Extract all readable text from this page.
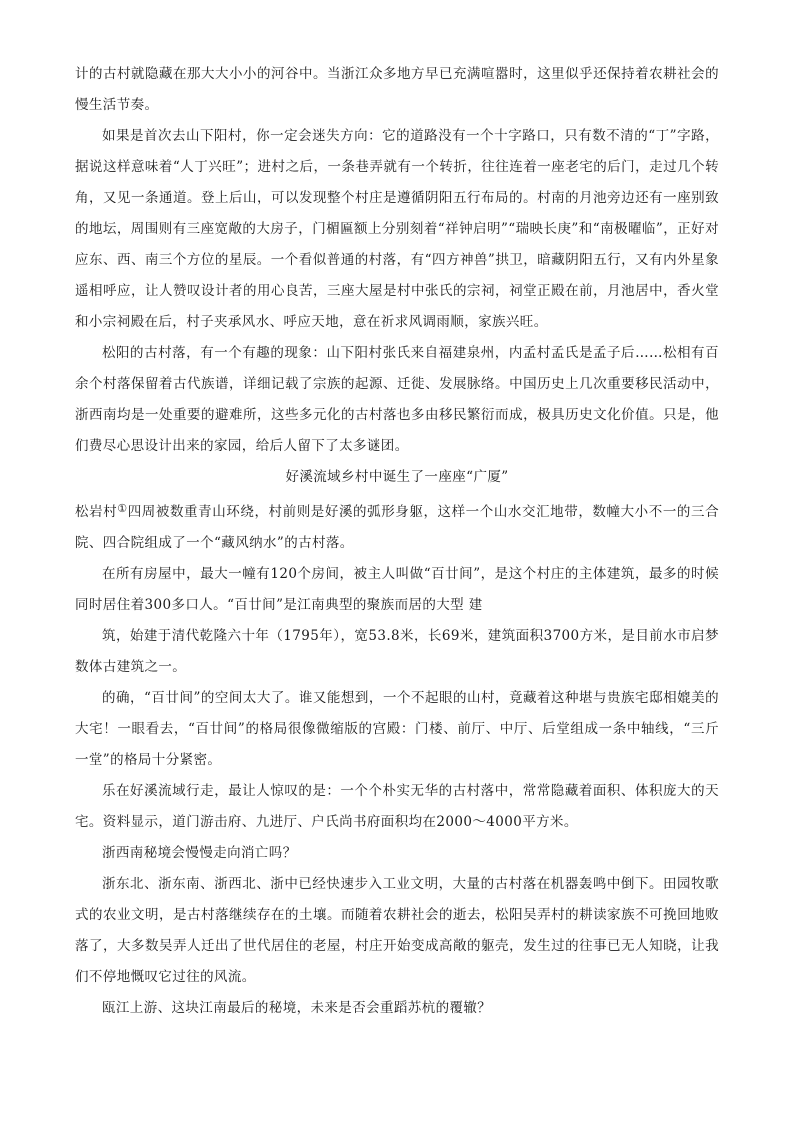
计的古村就隐藏在那大大小小的河谷中。当浙江众多地方早已充满喧嚣时，这里似乎还保持着农耕社会的慢生活节奏。

如果是首次去山下阳村，你一定会迷失方向：它的道路没有一个十字路口，只有数不清的“丁”字路，据说这样意味着“人丁兴旺”；进村之后，一条巷弄就有一个转折，往往连着一座老宅的后门，走过几个转角，又见一条通道。登上后山，可以发现整个村庄是遵循阴阳五行布局的。村南的月池旁边还有一座别致的地坛，周围则有三座宽敞的大房子，门楣匾额上分别刻着“祥钟启明”“瑞映长庚”和“南极曜临”，正好对应东、西、南三个方位的星辰。一个看似普通的村落，有“四方神兽”拱卫，暗藏阴阳五行，又有内外星象遥相呼应，让人赞叹设计者的用心良苦，三座大屋是村中张氏的宗祠，祠堂正殿在前，月池居中，香火堂和小宗祠殿在后，村子夹承风水、呼应天地，意在祈求风调雨顺，家族兴旺。

松阳的古村落，有一个有趣的现象：山下阳村张氏来自福建泉州，内孟村孟氏是孟子后……松相有百余个村落保留着古代族谱，详细记载了宗族的起源、迁徙、发展脉络。中国历史上几次重要移民活动中，浙西南均是一处重要的避难所，这些多元化的古村落也多由移民繁衍而成，极具历史文化价值。只是，他们费尽心思设计出来的家园，给后人留下了太多谜团。

好溪流域乡村中诞生了一座座“广厦”

松岩村①四周被数重青山环绕，村前则是好溪的弧形身躯，这样一个山水交汇地带，数幢大小不一的三合院、四合院组成了一个“藏风纳水”的古村落。

在所有房屋中，最大一幢有120个房间，被主人叫做“百廿间”，是这个村庄的主体建筑，最多的时候同时居住着300多口人。“百廿间”是江南典型的聚族而居的大型 建

筑，始建于清代乾隆六十年（1795年），宽53.8米，长69米，建筑面积3700方米，是目前水市启梦数体古建筑之一。

的确，“百廿间”的空间太大了。谁又能想到，一个不起眼的山村，竟藏着这种堪与贵族宅邸相媲美的大宅！一眼看去，“百廿间”的格局很像微缩版的宫殿：门楼、前厅、中厅、后堂组成一条中轴线，“三斤一堂”的格局十分紧密。

乐在好溪流域行走，最让人惊叹的是：一个个朴实无华的古村落中，常常隐藏着面积、体积庞大的天宅。资料显示，道门游击府、九进厅、户氏尚书府面积均在2000～4000平方米。

浙西南秘境会慢慢走向消亡吗？

浙东北、浙东南、浙西北、浙中已经快速步入工业文明，大量的古村落在机器轰鸣中倒下。田园牧歌式的农业文明，是古村落继续存在的土壤。而随着农耕社会的逝去，松阳吴弄村的耕读家族不可挽回地败落了，大多数吴弄人迁出了世代居住的老屋，村庄开始变成高敞的躯壳，发生过的往事已无人知晓，让我们不停地慨叹它过往的风流。

瓯江上游、这块江南最后的秘境，未来是否会重蹈苏杭的覆辙？
